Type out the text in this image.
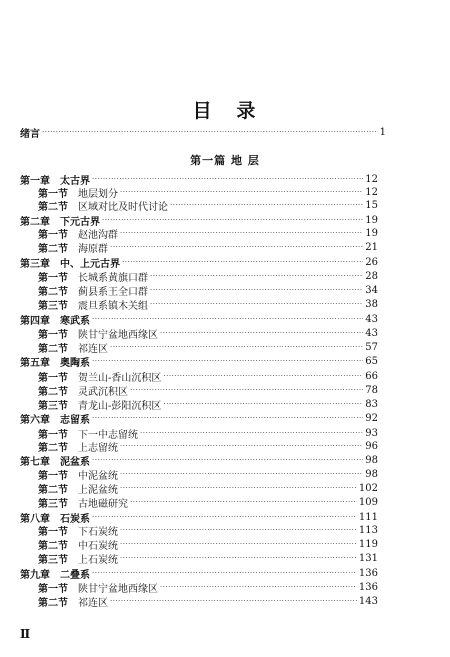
目 录
绪言 ·····	1
第一篇 地 层
第一章 太古界 ·····	12
第一节 地层划分 ·····	12
第二节 区域对比及时代讨论 ·····	15
第二章 下元古界 ·····	19
第一节 赵池沟群 ·····	19
第二节 海原群 ·····	21
第三章 中、上元古界 ·····	26
第一节 长城系黄旗口群 ·····	28
第二节 蓟县系王全口群 ·····	34
第三节 震旦系镇木关组 ·····	38
第四章 寒武系 ·····	43
第一节 陕甘宁盆地西缘区 ·····	43
第二节 祁连区 ·····	57
第五章 奥陶系 ·····	65
第一节 贺兰山-香山沉积区 ·····	66
第二节 灵武沉积区 ·····	78
第三节 青龙山-彭阳沉积区 ·····	83
第六章 志留系 ·····	92
第一节 下一中志留统 ·····	93
第二节 上志留统 ·····	96
第七章 泥盆系 ·····	98
第一节 中泥盆统 ·····	98
第二节 上泥盆统 ·····	102
第三节 古地磁研究 ·····	109
第八章 石炭系 ·····	111
第一节 下石炭统 ·····	113
第二节 中石炭统 ·····	119
第三节 上石炭统 ·····	131
第九章 二叠系 ·····	136
第一节 陕甘宁盆地西缘区 ·····	136
第二节 祁连区 ·····	143
Ⅱ
